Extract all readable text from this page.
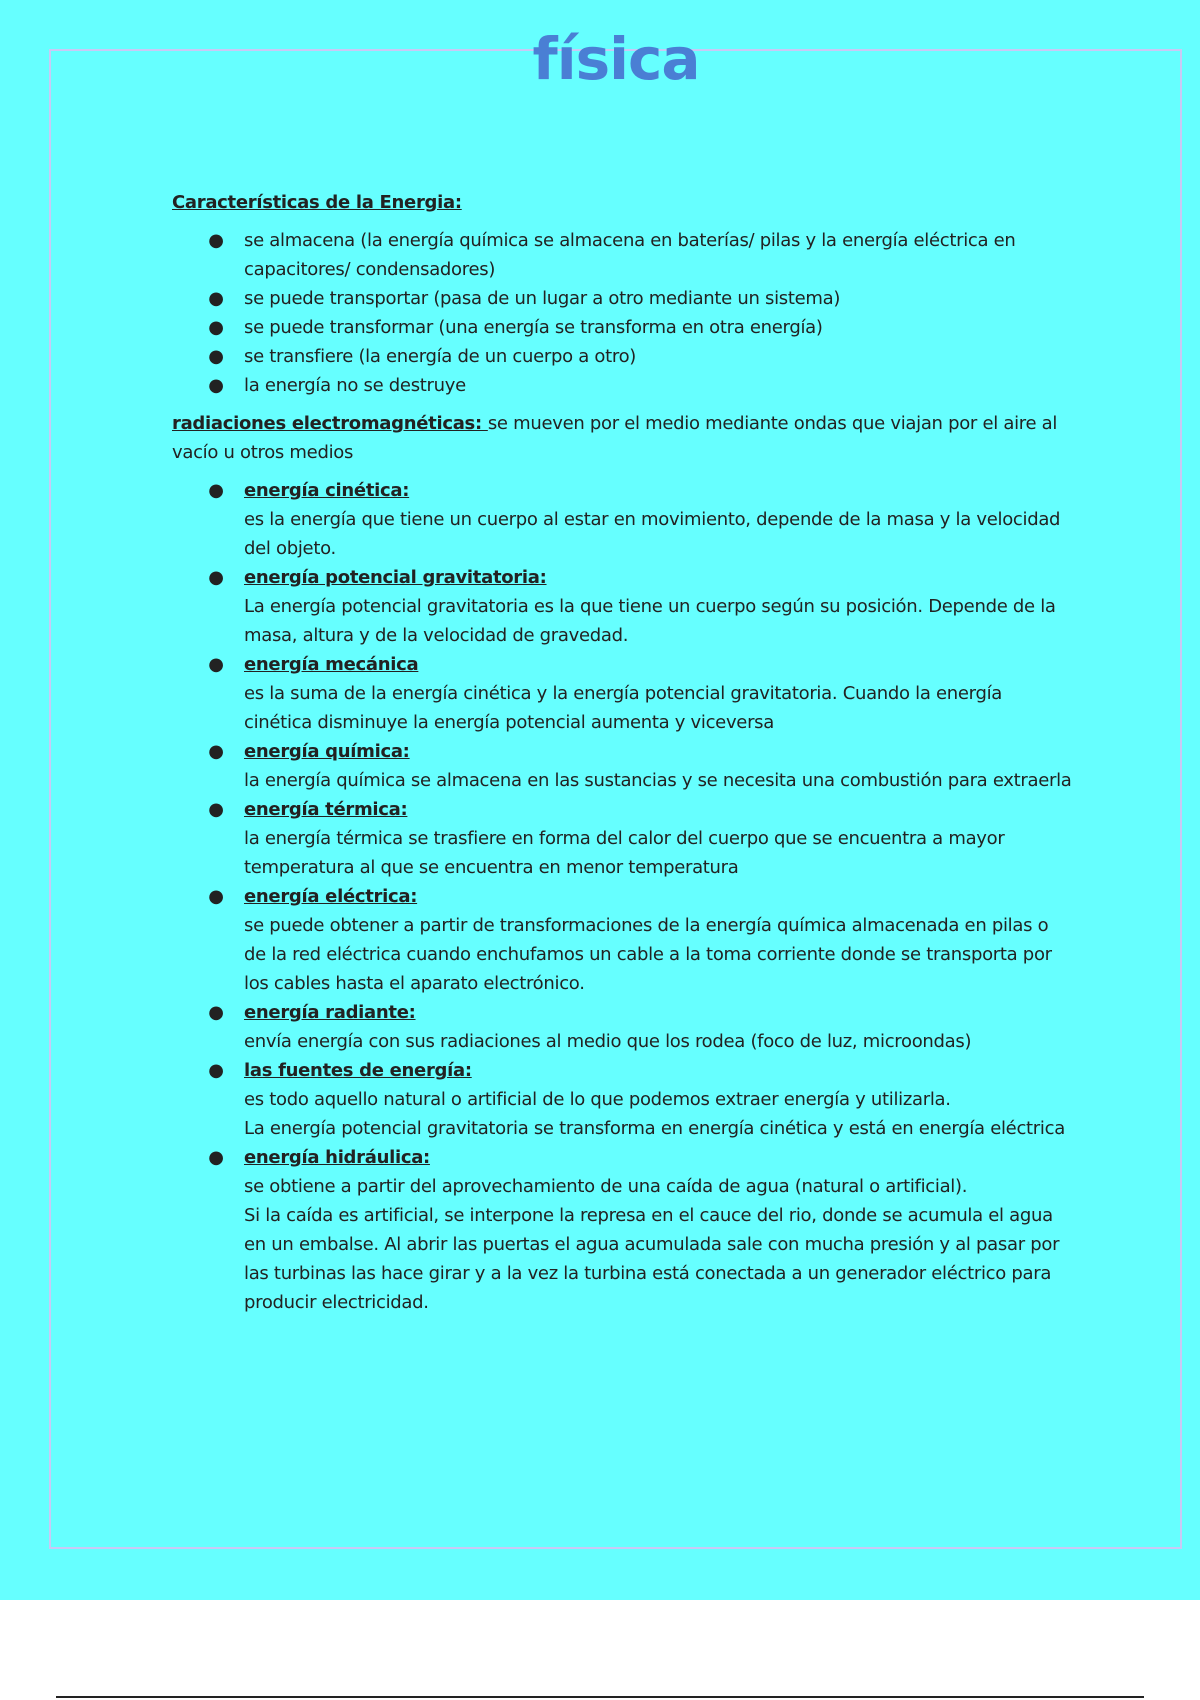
física
Características de la Energia:
● se almacena (la energía química se almacena en baterías/ pilas y la energía eléctrica en capacitores/ condensadores)
● se puede transportar (pasa de un lugar a otro mediante un sistema)
● se puede transformar (una energía se transforma en otra energía)
● se transfiere (la energía de un cuerpo a otro)
● la energía no se destruye
radiaciones electromagnéticas: se mueven por el medio mediante ondas que viajan por el aire al vacío u otros medios
● energía cinética:
es la energía que tiene un cuerpo al estar en movimiento, depende de la masa y la velocidad del objeto.
● energía potencial gravitatoria:
La energía potencial gravitatoria es la que tiene un cuerpo según su posición. Depende de la masa, altura y de la velocidad de gravedad.
● energía mecánica
es la suma de la energía cinética y la energía potencial gravitatoria. Cuando la energía cinética disminuye la energía potencial aumenta y viceversa
● energía química:
la energía química se almacena en las sustancias y se necesita una combustión para extraerla
● energía térmica:
la energía térmica se trasfiere en forma del calor del cuerpo que se encuentra a mayor temperatura al que se encuentra en menor temperatura
● energía eléctrica:
se puede obtener a partir de transformaciones de la energía química almacenada en pilas o de la red eléctrica cuando enchufamos un cable a la toma corriente donde se transporta por los cables hasta el aparato electrónico.
● energía radiante:
envía energía con sus radiaciones al medio que los rodea (foco de luz, microondas)
● las fuentes de energía:
es todo aquello natural o artificial de lo que podemos extraer energía y utilizarla.
La energía potencial gravitatoria se transforma en energía cinética y está en energía eléctrica
● energía hidráulica:
se obtiene a partir del aprovechamiento de una caída de agua (natural o artificial).
Si la caída es artificial, se interpone la represa en el cauce del rio, donde se acumula el agua en un embalse. Al abrir las puertas el agua acumulada sale con mucha presión y al pasar por las turbinas las hace girar y a la vez la turbina está conectada a un generador eléctrico para producir electricidad.
